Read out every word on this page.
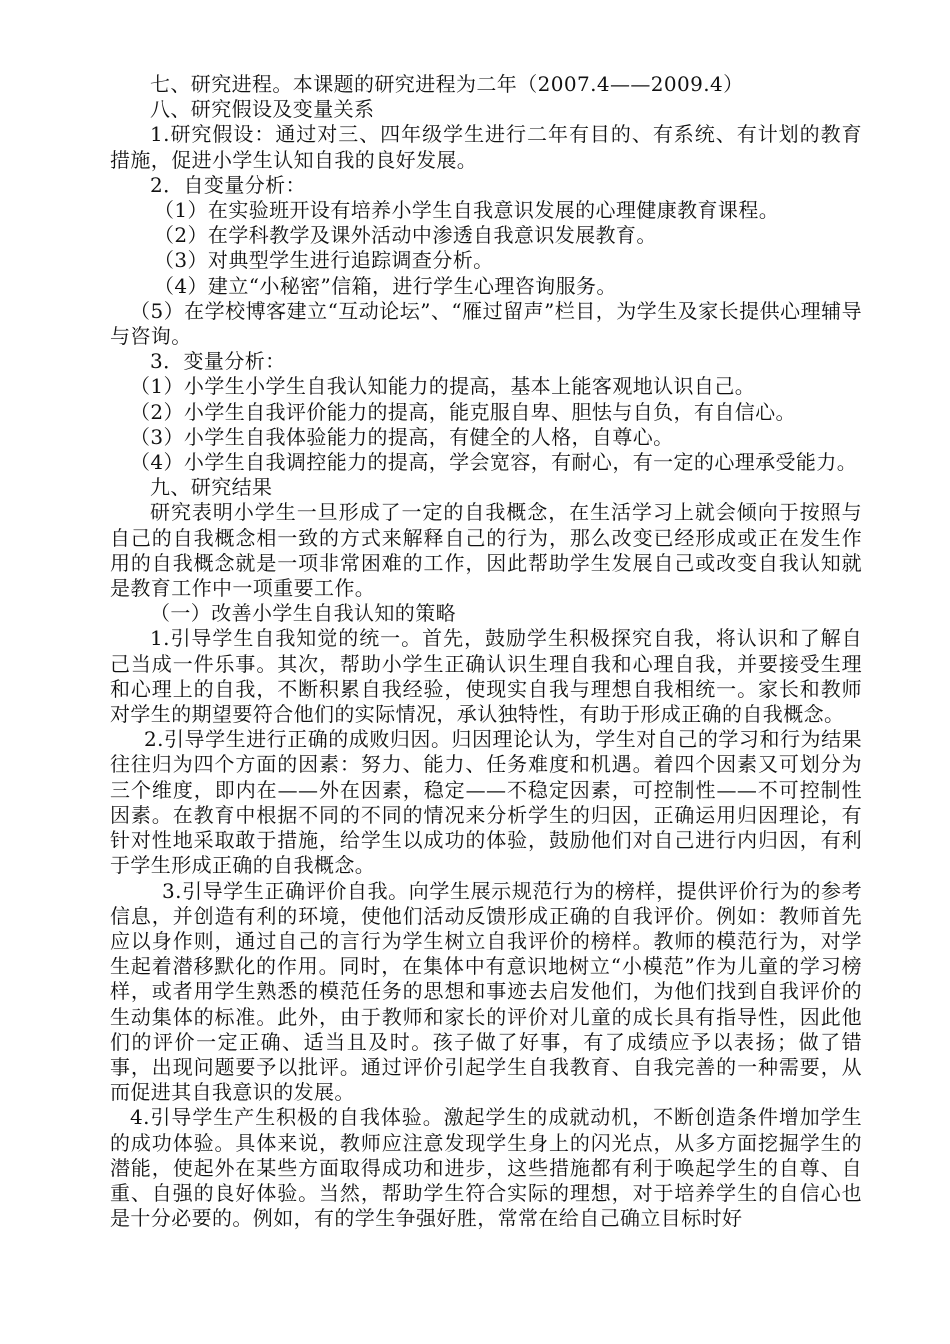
七、研究进程。本课题的研究进程为二年（2007.4——2009.4）

八、研究假设及变量关系

1.研究假设：通过对三、四年级学生进行二年有目的、有系统、有计划的教育措施，促进小学生认知自我的良好发展。

2．自变量分析：

（1）在实验班开设有培养小学生自我意识发展的心理健康教育课程。

（2）在学科教学及课外活动中渗透自我意识发展教育。

（3）对典型学生进行追踪调查分析。

（4）建立“小秘密”信箱，进行学生心理咨询服务。

（5）在学校博客建立“互动论坛”、“雁过留声”栏目，为学生及家长提供心理辅导与咨询。

3．变量分析：

（1）小学生小学生自我认知能力的提高，基本上能客观地认识自己。

（2）小学生自我评价能力的提高，能克服自卑、胆怯与自负，有自信心。

（3）小学生自我体验能力的提高，有健全的人格，自尊心。

（4）小学生自我调控能力的提高，学会宽容，有耐心，有一定的心理承受能力。

九、研究结果

研究表明小学生一旦形成了一定的自我概念，在生活学习上就会倾向于按照与自己的自我概念相一致的方式来解释自己的行为，那么改变已经形成或正在发生作用的自我概念就是一项非常困难的工作，因此帮助学生发展自己或改变自我认知就是教育工作中一项重要工作。

（一）改善小学生自我认知的策略

1.引导学生自我知觉的统一。首先，鼓励学生积极探究自我，将认识和了解自己当成一件乐事。其次，帮助小学生正确认识生理自我和心理自我，并要接受生理和心理上的自我，不断积累自我经验，使现实自我与理想自我相统一。家长和教师对学生的期望要符合他们的实际情况，承认独特性，有助于形成正确的自我概念。

2.引导学生进行正确的成败归因。归因理论认为，学生对自己的学习和行为结果往往归为四个方面的因素：努力、能力、任务难度和机遇。着四个因素又可划分为三个维度，即内在——外在因素，稳定——不稳定因素，可控制性——不可控制性因素。在教育中根据不同的不同的情况来分析学生的归因，正确运用归因理论，有针对性地采取敢于措施，给学生以成功的体验，鼓励他们对自己进行内归因，有利于学生形成正确的自我概念。

3.引导学生正确评价自我。向学生展示规范行为的榜样，提供评价行为的参考信息，并创造有利的环境，使他们活动反馈形成正确的自我评价。例如：教师首先应以身作则，通过自己的言行为学生树立自我评价的榜样。教师的模范行为，对学生起着潜移默化的作用。同时，在集体中有意识地树立“小模范”作为儿童的学习榜样，或者用学生熟悉的模范任务的思想和事迹去启发他们，为他们找到自我评价的生动集体的标准。此外，由于教师和家长的评价对儿童的成长具有指导性，因此他们的评价一定正确、适当且及时。孩子做了好事，有了成绩应予以表扬；做了错事，出现问题要予以批评。通过评价引起学生自我教育、自我完善的一种需要，从而促进其自我意识的发展。

4.引导学生产生积极的自我体验。激起学生的成就动机，不断创造条件增加学生的成功体验。具体来说，教师应注意发现学生身上的闪光点，从多方面挖掘学生的潜能，使起外在某些方面取得成功和进步，这些措施都有利于唤起学生的自尊、自重、自强的良好体验。当然，帮助学生符合实际的理想，对于培养学生的自信心也是十分必要的。例如，有的学生争强好胜，常常在给自己确立目标时好
